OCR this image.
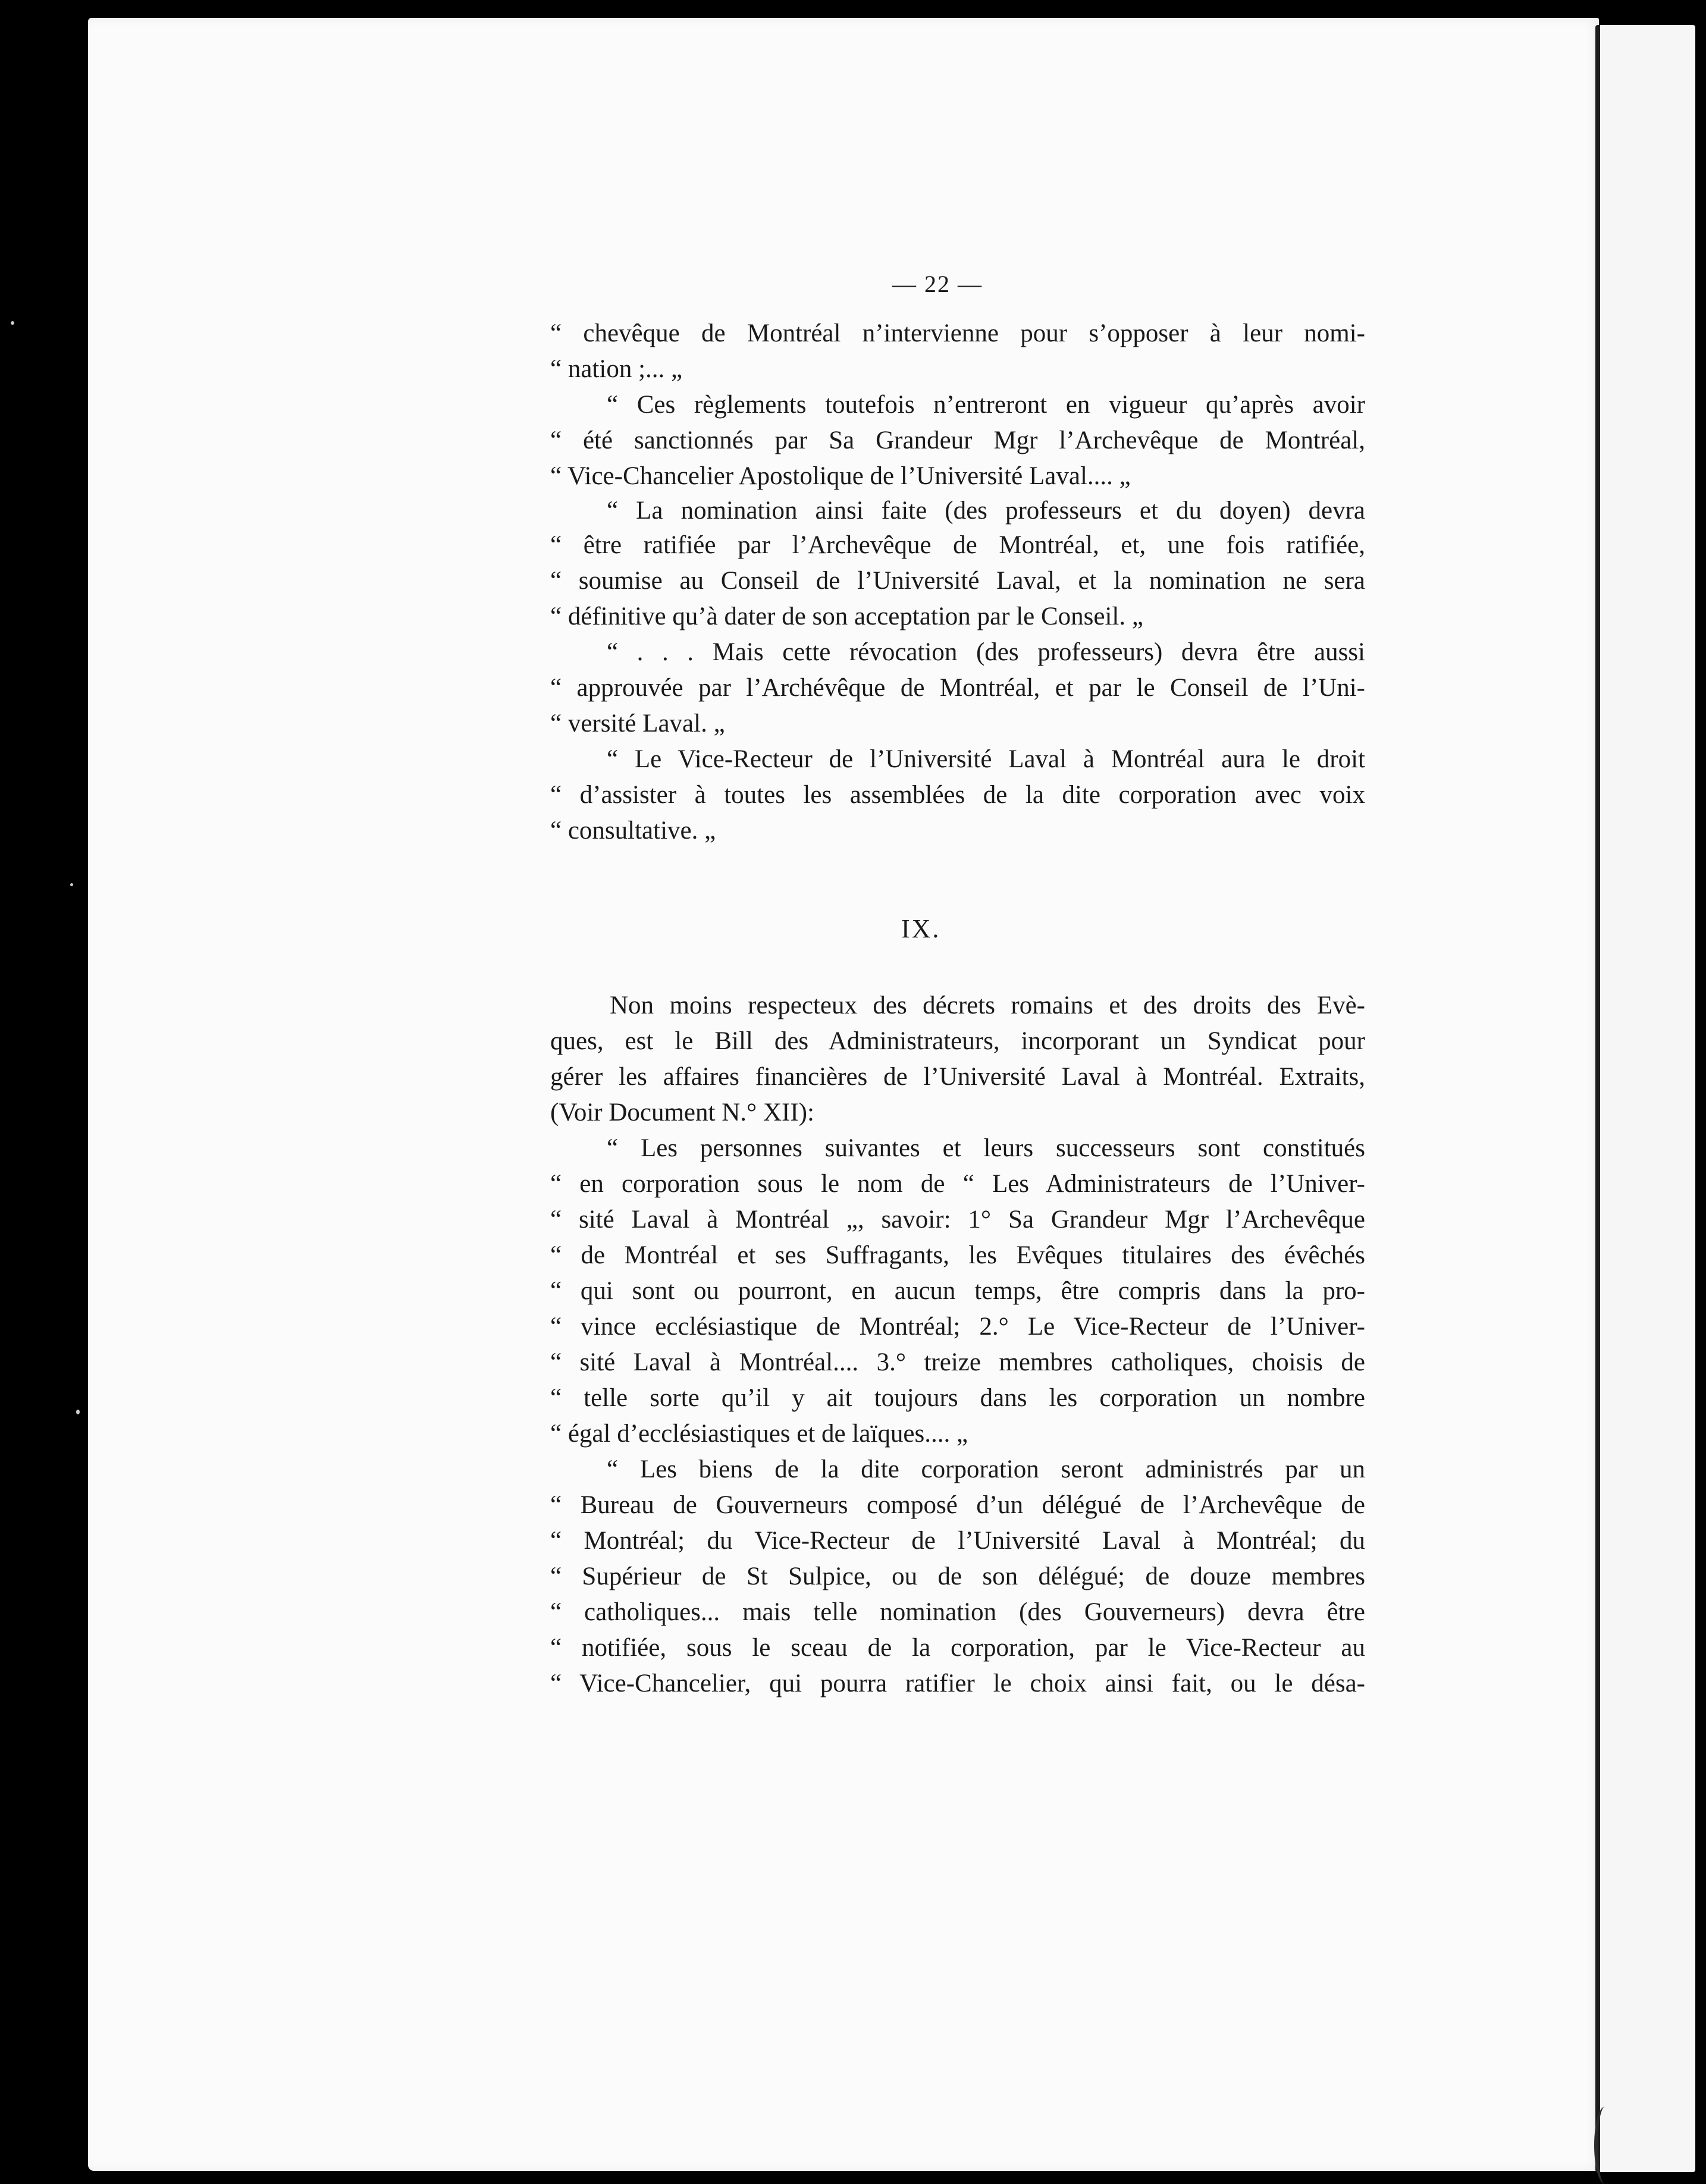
— 22 —
“ chevêque de Montréal n’intervienne pour s’opposer à leur nomi-
“ nation ;... „
“ Ces règlements toutefois n’entreront en vigueur qu’après avoir
“ été sanctionnés par Sa Grandeur Mgr l’Archevêque de Montréal,
“ Vice-Chancelier Apostolique de l’Université Laval.... „
“ La nomination ainsi faite (des professeurs et du doyen) devra
“ être ratifiée par l’Archevêque de Montréal, et, une fois ratifiée,
“ soumise au Conseil de l’Université Laval, et la nomination ne sera
“ définitive qu’à dater de son acceptation par le Conseil. „
“ . . . Mais cette révocation (des professeurs) devra être aussi
“ approuvée par l’Archévêque de Montréal, et par le Conseil de l’Uni-
“ versité Laval. „
“ Le Vice-Recteur de l’Université Laval à Montréal aura le droit
“ d’assister à toutes les assemblées de la dite corporation avec voix
“ consultative. „
Non moins respecteux des décrets romains et des droits des Evè-
ques, est le Bill des Administrateurs, incorporant un Syndicat pour
gérer les affaires financières de l’Université Laval à Montréal. Extraits,
(Voir Document N.° XII):
“ Les personnes suivantes et leurs successeurs sont constitués
“ en corporation sous le nom de “ Les Administrateurs de l’Univer-
“ sité Laval à Montréal „, savoir: 1° Sa Grandeur Mgr l’Archevêque
“ de Montréal et ses Suffragants, les Evêques titulaires des évêchés
“ qui sont ou pourront, en aucun temps, être compris dans la pro-
“ vince ecclésiastique de Montréal; 2.° Le Vice-Recteur de l’Univer-
“ sité Laval à Montréal.... 3.° treize membres catholiques, choisis de
“ telle sorte qu’il y ait toujours dans les corporation un nombre
“ égal d’ecclésiastiques et de laïques.... „
“ Les biens de la dite corporation seront administrés par un
“ Bureau de Gouverneurs composé d’un délégué de l’Archevêque de
“ Montréal; du Vice-Recteur de l’Université Laval à Montréal; du
“ Supérieur de St Sulpice, ou de son délégué; de douze membres
“ catholiques... mais telle nomination (des Gouverneurs) devra être
“ notifiée, sous le sceau de la corporation, par le Vice-Recteur au
“ Vice-Chancelier, qui pourra ratifier le choix ainsi fait, ou le désa-
IX.
